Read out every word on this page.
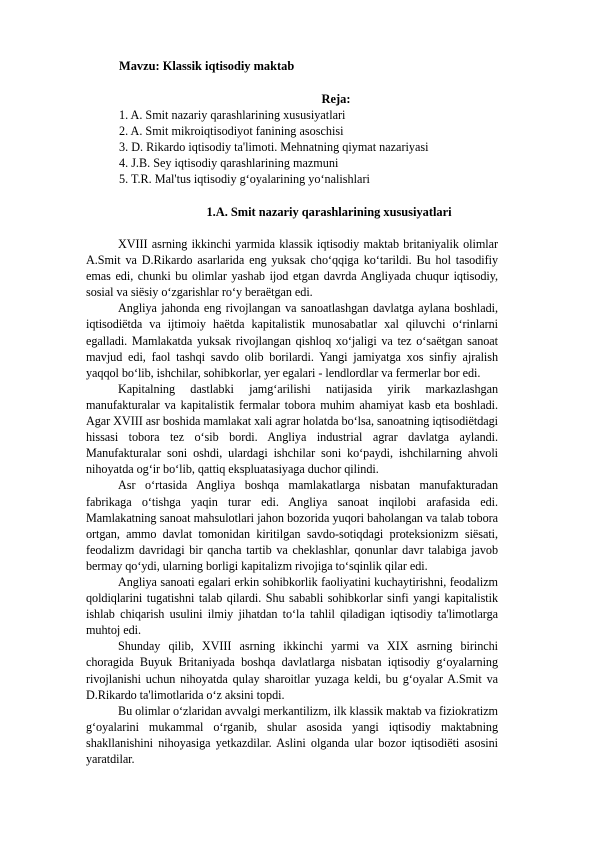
Mavzu: Klassik iqtisodiy maktab
Reja:
1. A. Smit nazariy qarashlarining xususiyatlari
2. A. Smit mikroiqtisodiyot fanining asoschisi
3. D. Rikardo iqtisodiy ta'limoti. Mehnatning qiymat nazariyasi
4. J.B. Sey iqtisodiy qarashlarining mazmuni
5. T.R. Mal'tus iqtisodiy g‘oyalarining yo‘nalishlari
1.A. Smit nazariy qarashlarining xususiyatlari

XVIII asrning ikkinchi yarmida klassik iqtisodiy maktab britaniyalik olimlar A.Smit va D.Rikardo asarlarida eng yuksak cho‘qqiga ko‘tarildi. Bu hol tasodifiy emas edi, chunki bu olimlar yashab ijod etgan davrda Angliyada chuqur iqtisodiy, sosial va siёsiy o‘zgarishlar ro‘y beraёtgan edi.

Angliya jahonda eng rivojlangan va sanoatlashgan davlatga aylana boshladi, iqtisodiёtda va ijtimoiy haёtda kapitalistik munosabatlar xal qiluvchi o‘rinlarni egalladi. Mamlakatda yuksak rivojlangan qishloq xo‘jaligi va tez o‘saёtgan sanoat mavjud edi, faol tashqi savdo olib borilardi. Yangi jamiyatga xos sinfiy ajralish yaqqol bo‘lib, ishchilar, sohibkorlar, yer egalari - lendlordlar va fermerlar bor edi.

Kapitalning dastlabki jamg‘arilishi natijasida yirik markazlashgan manufakturalar va kapitalistik fermalar tobora muhim ahamiyat kasb eta boshladi. Agar XVIII asr boshida mamlakat xali agrar holatda bo‘lsa, sanoatning iqtisodiёtdagi hissasi tobora tez o‘sib bordi. Angliya industrial agrar davlatga aylandi. Manufakturalar soni oshdi, ulardagi ishchilar soni ko‘paydi, ishchilarning ahvoli nihoyatda og‘ir bo‘lib, qattiq ekspluatasiyaga duchor qilindi.

Asr o‘rtasida Angliya boshqa mamlakatlarga nisbatan manufakturadan fabrikaga o‘tishga yaqin turar edi. Angliya sanoat inqilobi arafasida edi. Mamlakatning sanoat mahsulotlari jahon bozorida yuqori baholangan va talab tobora ortgan, ammo davlat tomonidan kiritilgan savdo-sotiqdagi proteksionizm siёsati, feodalizm davridagi bir qancha tartib va cheklashlar, qonunlar davr talabiga javob bermay qo‘ydi, ularning borligi kapitalizm rivojiga to‘sqinlik qilar edi.

Angliya sanoati egalari erkin sohibkorlik faoliyatini kuchaytirishni, feodalizm qoldiqlarini tugatishni talab qilardi. Shu sababli sohibkorlar sinfi yangi kapitalistik ishlab chiqarish usulini ilmiy jihatdan to‘la tahlil qiladigan iqtisodiy ta'limotlarga muhtoj edi.

Shunday qilib, XVIII asrning ikkinchi yarmi va XIX asrning birinchi choragida Buyuk Britaniyada boshqa davlatlarga nisbatan iqtisodiy g‘oyalarning rivojlanishi uchun nihoyatda qulay sharoitlar yuzaga keldi, bu g‘oyalar A.Smit va D.Rikardo ta'limotlarida o‘z aksini topdi.

Bu olimlar o‘zlaridan avvalgi merkantilizm, ilk klassik maktab va fiziokratizm g‘oyalarini mukammal o‘rganib, shular asosida yangi iqtisodiy maktabning shakllanishini nihoyasiga yetkazdilar. Aslini olganda ular bozor iqtisodiёti asosini yaratdilar.
